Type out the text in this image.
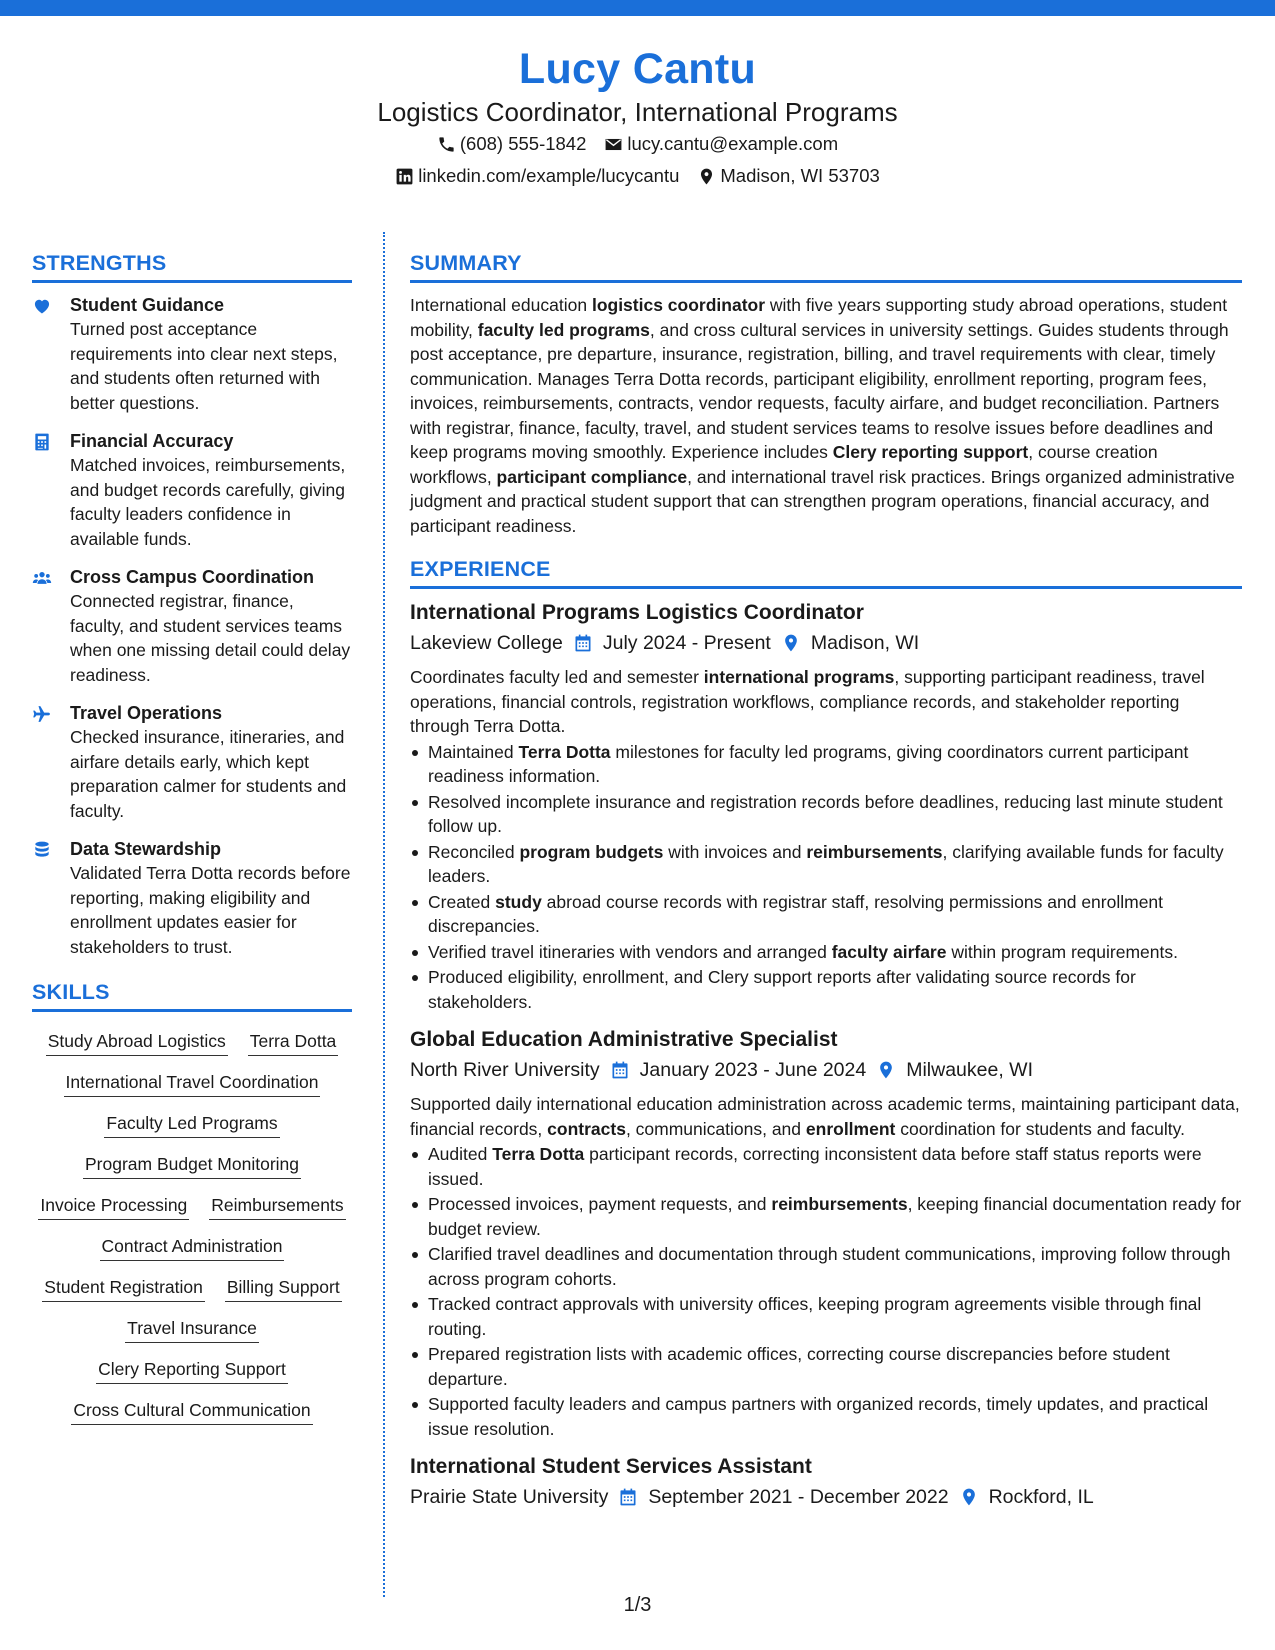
Lucy Cantu
Logistics Coordinator, International Programs
(608) 555-1842 lucy.cantu@example.com
linkedin.com/example/lucycantu Madison, WI 53703
STRENGTHS
Student Guidance
Turned post acceptance requirements into clear next steps, and students often returned with better questions.
Financial Accuracy
Matched invoices, reimbursements, and budget records carefully, giving faculty leaders confidence in available funds.
Cross Campus Coordination
Connected registrar, finance, faculty, and student services teams when one missing detail could delay readiness.
Travel Operations
Checked insurance, itineraries, and airfare details early, which kept preparation calmer for students and faculty.
Data Stewardship
Validated Terra Dotta records before reporting, making eligibility and enrollment updates easier for stakeholders to trust.
SKILLS
Study Abroad Logistics Terra Dotta
International Travel Coordination
Faculty Led Programs
Program Budget Monitoring
Invoice Processing Reimbursements
Contract Administration
Student Registration Billing Support
Travel Insurance
Clery Reporting Support
Cross Cultural Communication
SUMMARY
International education logistics coordinator with five years supporting study abroad operations, student mobility, faculty led programs, and cross cultural services in university settings. Guides students through post acceptance, pre departure, insurance, registration, billing, and travel requirements with clear, timely communication. Manages Terra Dotta records, participant eligibility, enrollment reporting, program fees, invoices, reimbursements, contracts, vendor requests, faculty airfare, and budget reconciliation. Partners with registrar, finance, faculty, travel, and student services teams to resolve issues before deadlines and keep programs moving smoothly. Experience includes Clery reporting support, course creation workflows, participant compliance, and international travel risk practices. Brings organized administrative judgment and practical student support that can strengthen program operations, financial accuracy, and participant readiness.
EXPERIENCE
International Programs Logistics Coordinator
Lakeview College July 2024 - Present Madison, WI
Coordinates faculty led and semester international programs, supporting participant readiness, travel operations, financial controls, registration workflows, compliance records, and stakeholder reporting through Terra Dotta.
Maintained Terra Dotta milestones for faculty led programs, giving coordinators current participant readiness information.
Resolved incomplete insurance and registration records before deadlines, reducing last minute student follow up.
Reconciled program budgets with invoices and reimbursements, clarifying available funds for faculty leaders.
Created study abroad course records with registrar staff, resolving permissions and enrollment discrepancies.
Verified travel itineraries with vendors and arranged faculty airfare within program requirements.
Produced eligibility, enrollment, and Clery support reports after validating source records for stakeholders.
Global Education Administrative Specialist
North River University January 2023 - June 2024 Milwaukee, WI
Supported daily international education administration across academic terms, maintaining participant data, financial records, contracts, communications, and enrollment coordination for students and faculty.
Audited Terra Dotta participant records, correcting inconsistent data before staff status reports were issued.
Processed invoices, payment requests, and reimbursements, keeping financial documentation ready for budget review.
Clarified travel deadlines and documentation through student communications, improving follow through across program cohorts.
Tracked contract approvals with university offices, keeping program agreements visible through final routing.
Prepared registration lists with academic offices, correcting course discrepancies before student departure.
Supported faculty leaders and campus partners with organized records, timely updates, and practical issue resolution.
International Student Services Assistant
Prairie State University September 2021 - December 2022 Rockford, IL
1/3
